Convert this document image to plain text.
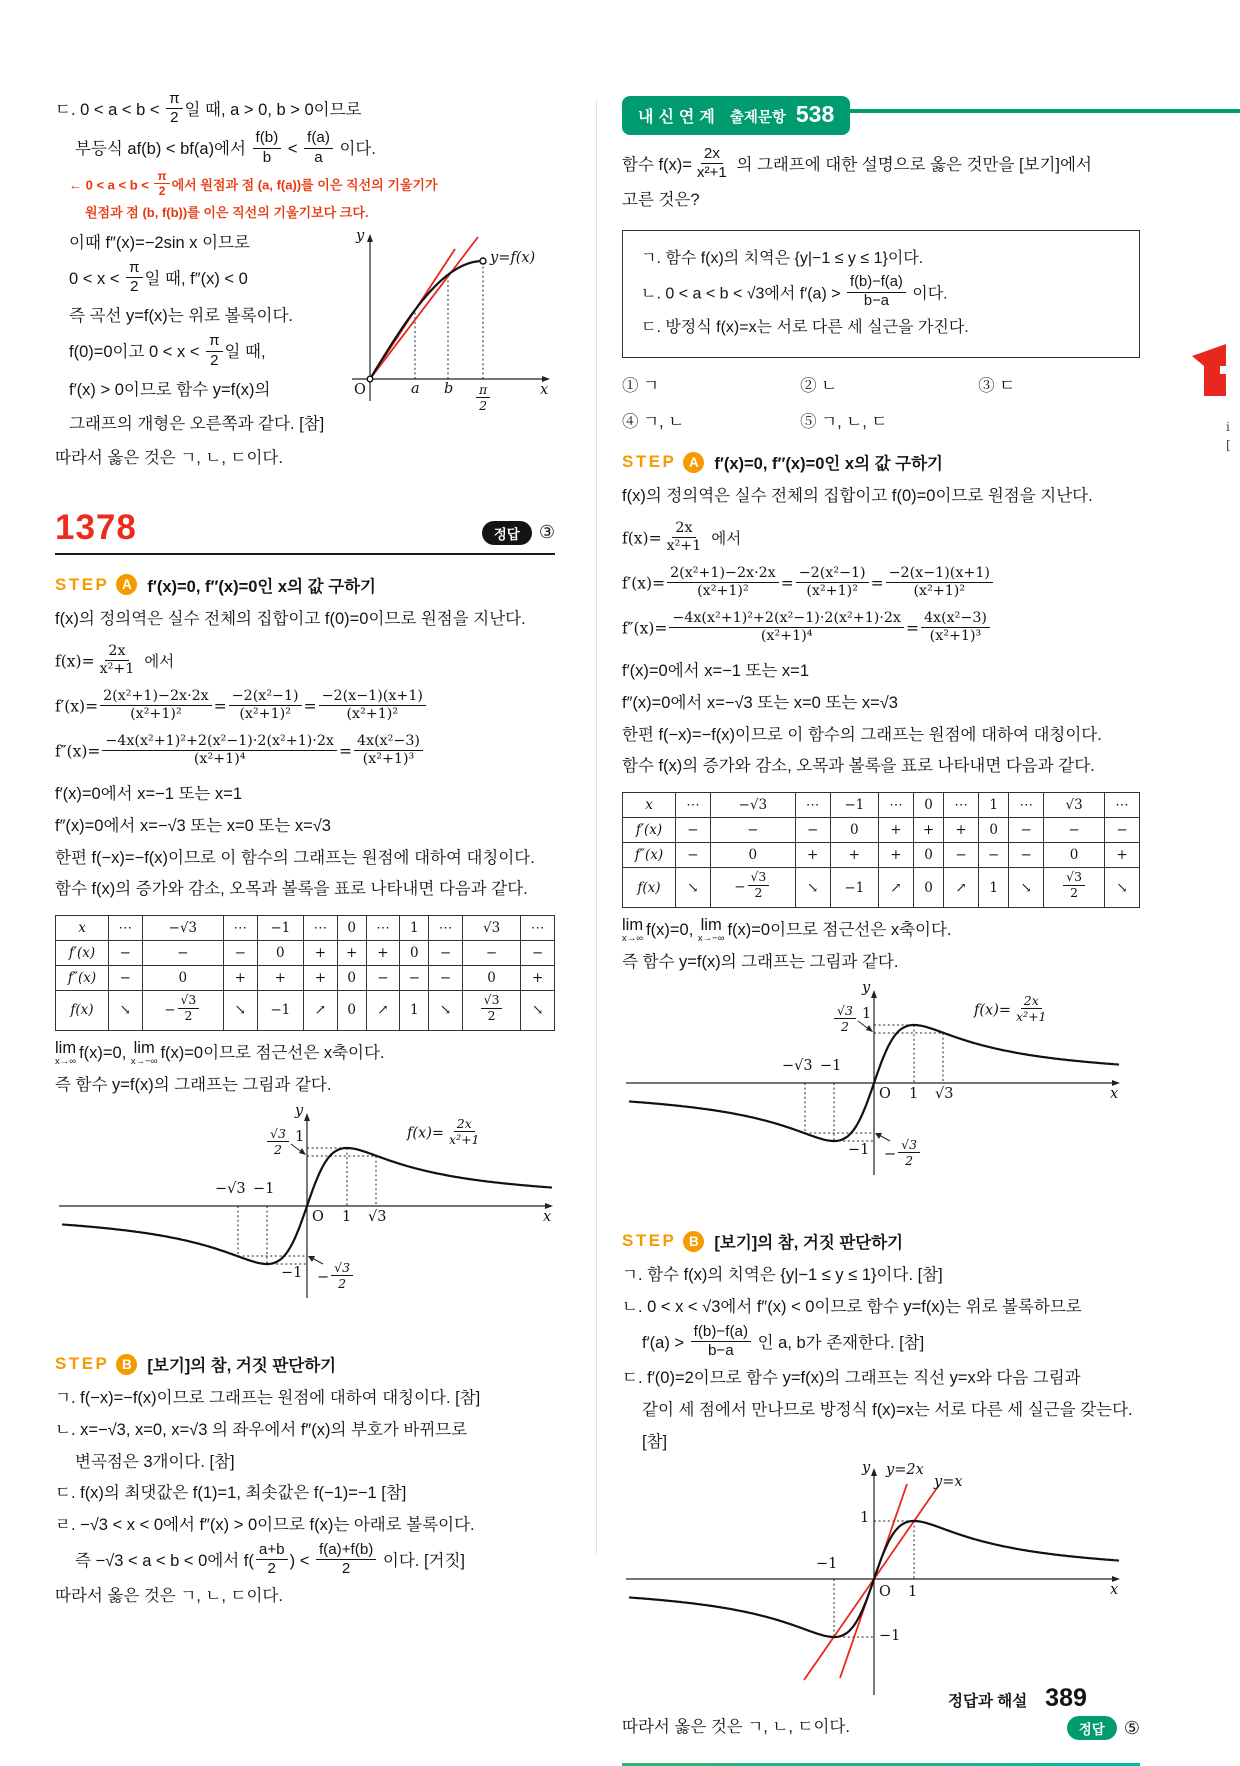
ㄷ. $0 < a < b < \frac{\pi}{2}$ 일 때, a > 0, b > 0이므로
부등식 af(b) < bf(a)에서 $\frac{f(b)}{b} < \frac{f(a)}{a}$ 이다.
← $0 < a < b < \frac{\pi}{2}$ 에서 원점과 점 (a, f(a))를 이은 직선의 기울기가
원점과 점 (b, f(b))를 이은 직선의 기울기보다 크다.
이때 f″(x)=−2sin x 이므로
$0 < x < \frac{\pi}{2}$ 일 때, f″(x) < 0
즉 곡선 y=f(x)는 위로 볼록이다.
f(0)=0이고 $0 < x < \frac{\pi}{2}$ 일 때,
f′(x) > 0이므로 함수 y=f(x)의
그래프의 개형은 오른쪽과 같다. [참]
y
y=f(x)
O	a b $\frac{\pi}{2}$	x
따라서 옳은 것은 ㄱ, ㄴ, ㄷ이다.
1378	정답	③
STEP A f′(x)=0, f″(x)=0인 x의 값 구하기
f(x)의 정의역은 실수 전체의 집합이고 f(0)=0이므로 원점을 지난다.
$f(x)= \frac{2x}{\text{x²+1}}$ 에서
$f'(x)= \frac{\text{2(x²+1)−2x·2x}}{\text{(x²+1)²}} = \frac{\text{−2(x²−1)}}{\text{(x²+1)²}} = \frac{-2(x-1)(x+1)}{\text{(x²+1)²}}$
$f''(x)= \frac{\text{−4x(x²+1)²+2(x²−1)·2(x²+1)·2x}}{\text{(x²+1)⁴}} = \frac{\text{4x(x²−3)}}{\text{(x²+1)³}}$
f′(x)=0에서 x=−1 또는 x=1
f″(x)=0에서 x=−√3 또는 x=0 또는 x=√3
한편 f(−x)=−f(x)이므로 이 함수의 그래프는 원점에 대하여 대칭이다.
함수 f(x)의 증가와 감소, 오목과 볼록을 표로 나타내면 다음과 같다.
x	⋯	−√3	⋯	−1	⋯	0	⋯	1	⋯	√3	⋯
f′(x)	−	−	−	0	+	+	+	0	−	−	−
f″(x)	−	0	+	+	+	0	−	−	−	0	+
f(x)	↘	− $\frac{√3}{2}$	↘	−1	↗	0	↗	1	↘	$\frac{√3}{2}$	↘
lim
x→∞ f(x)=0, lim
x→−∞ f(x)=0이므로 점근선은 x축이다.
즉 함수 y=f(x)의 그래프는 그림과 같다.
y
$\frac{√3}{2} 1$	$f(x)= \frac{2x}{\text{x²+1}}$
−√3 −1
O 1 √3
$-1 - \frac{√3}{2}$
x
STEP B [보기]의 참, 거짓 판단하기
ㄱ. f(−x)=−f(x)이므로 그래프는 원점에 대하여 대칭이다. [참]
ㄴ. x=−√3, x=0, x=√3 의 좌우에서 f″(x)의 부호가 바뀌므로
변곡점은 3개이다. [참]
ㄷ. f(x)의 최댓값은 f(1)=1, 최솟값은 f(−1)=−1 [참]
ㄹ. −√3 < x < 0에서 f″(x) > 0이므로 f(x)는 아래로 볼록이다.
즉 −√3 < a < b < 0에서 $f( \frac{a+b}{2}$ ) < $\frac{f(a)+f(b)}{2}$ 이다. [거짓]
따라서 옳은 것은 ㄱ, ㄴ, ㄷ이다.
내신연계 출제문항 538
함수 $f(x)= \frac{2x}{\text{x²+1}}$ 의 그래프에 대한 설명으로 옳은 것만을 [보기]에서
고른 것은?
ㄱ. 함수 f(x)의 치역은 {y|−1 ≤ y ≤ 1}이다.
ㄴ. 0 < a < b < √3에서 $f'(a) > \frac{f(b)-f(a)}{b-a}$ 이다.
ㄷ. 방정식 f(x)=x는 서로 다른 세 실근을 가진다.
① ㄱ	② ㄴ	③ ㄷ
④ ㄱ, ㄴ	⑤ ㄱ, ㄴ, ㄷ
STEP A f′(x)=0, f″(x)=0인 x의 값 구하기
f(x)의 정의역은 실수 전체의 집합이고 f(0)=0이므로 원점을 지난다.
$f(x)= \frac{2x}{\text{x²+1}}$ 에서
$f'(x)= \frac{\text{2(x²+1)−2x·2x}}{\text{(x²+1)²}} = \frac{\text{−2(x²−1)}}{\text{(x²+1)²}} = \frac{-2(x-1)(x+1)}{\text{(x²+1)²}}$
$f''(x)= \frac{\text{−4x(x²+1)²+2(x²−1)·2(x²+1)·2x}}{\text{(x²+1)⁴}} = \frac{\text{4x(x²−3)}}{\text{(x²+1)³}}$
f′(x)=0에서 x=−1 또는 x=1
f″(x)=0에서 x=−√3 또는 x=0 또는 x=√3
한편 f(−x)=−f(x)이므로 이 함수의 그래프는 원점에 대하여 대칭이다.
함수 f(x)의 증가와 감소, 오목과 볼록을 표로 나타내면 다음과 같다.
x	⋯	−√3	⋯	−1	⋯	0	⋯	1	⋯	√3	⋯
f′(x)	−	−	−	0	+	+	+	0	−	−	−
f″(x)	−	0	+	+	+	0	−	−	−	0	+
f(x)	↘	− $\frac{√3}{2}$	↘	−1	↗	0	↗	1	↘	$\frac{√3}{2}$	↘
lim
x→∞ f(x)=0, lim
x→−∞ f(x)=0이므로 점근선은 x축이다.
즉 함수 y=f(x)의 그래프는 그림과 같다.
y
$\frac{√3}{2} 1$	$f(x)= \frac{2x}{\text{x²+1}}$
−√3 −1
O 1 √3
$-1 - \frac{√3}{2}$
x
STEP B [보기]의 참, 거짓 판단하기
ㄱ. 함수 f(x)의 치역은 {y|−1 ≤ y ≤ 1}이다. [참]
ㄴ. 0 < x < √3에서 f″(x) < 0이므로 함수 y=f(x)는 위로 볼록하므로
$f'(a) > \frac{f(b)-f(a)}{b-a}$ 인 a, b가 존재한다. [참]
ㄷ. f′(0)=2이므로 함수 y=f(x)의 그래프는 직선 y=x와 다음 그림과
같이 세 점에서 만나므로 방정식 f(x)=x는 서로 다른 세 실근을 갖는다.
[참]
y y=2x
y=x
1
−1
O 1
−1
x
따라서 옳은 것은 ㄱ, ㄴ, ㄷ이다.	정답	⑤
i
[
정답과 해설 389
